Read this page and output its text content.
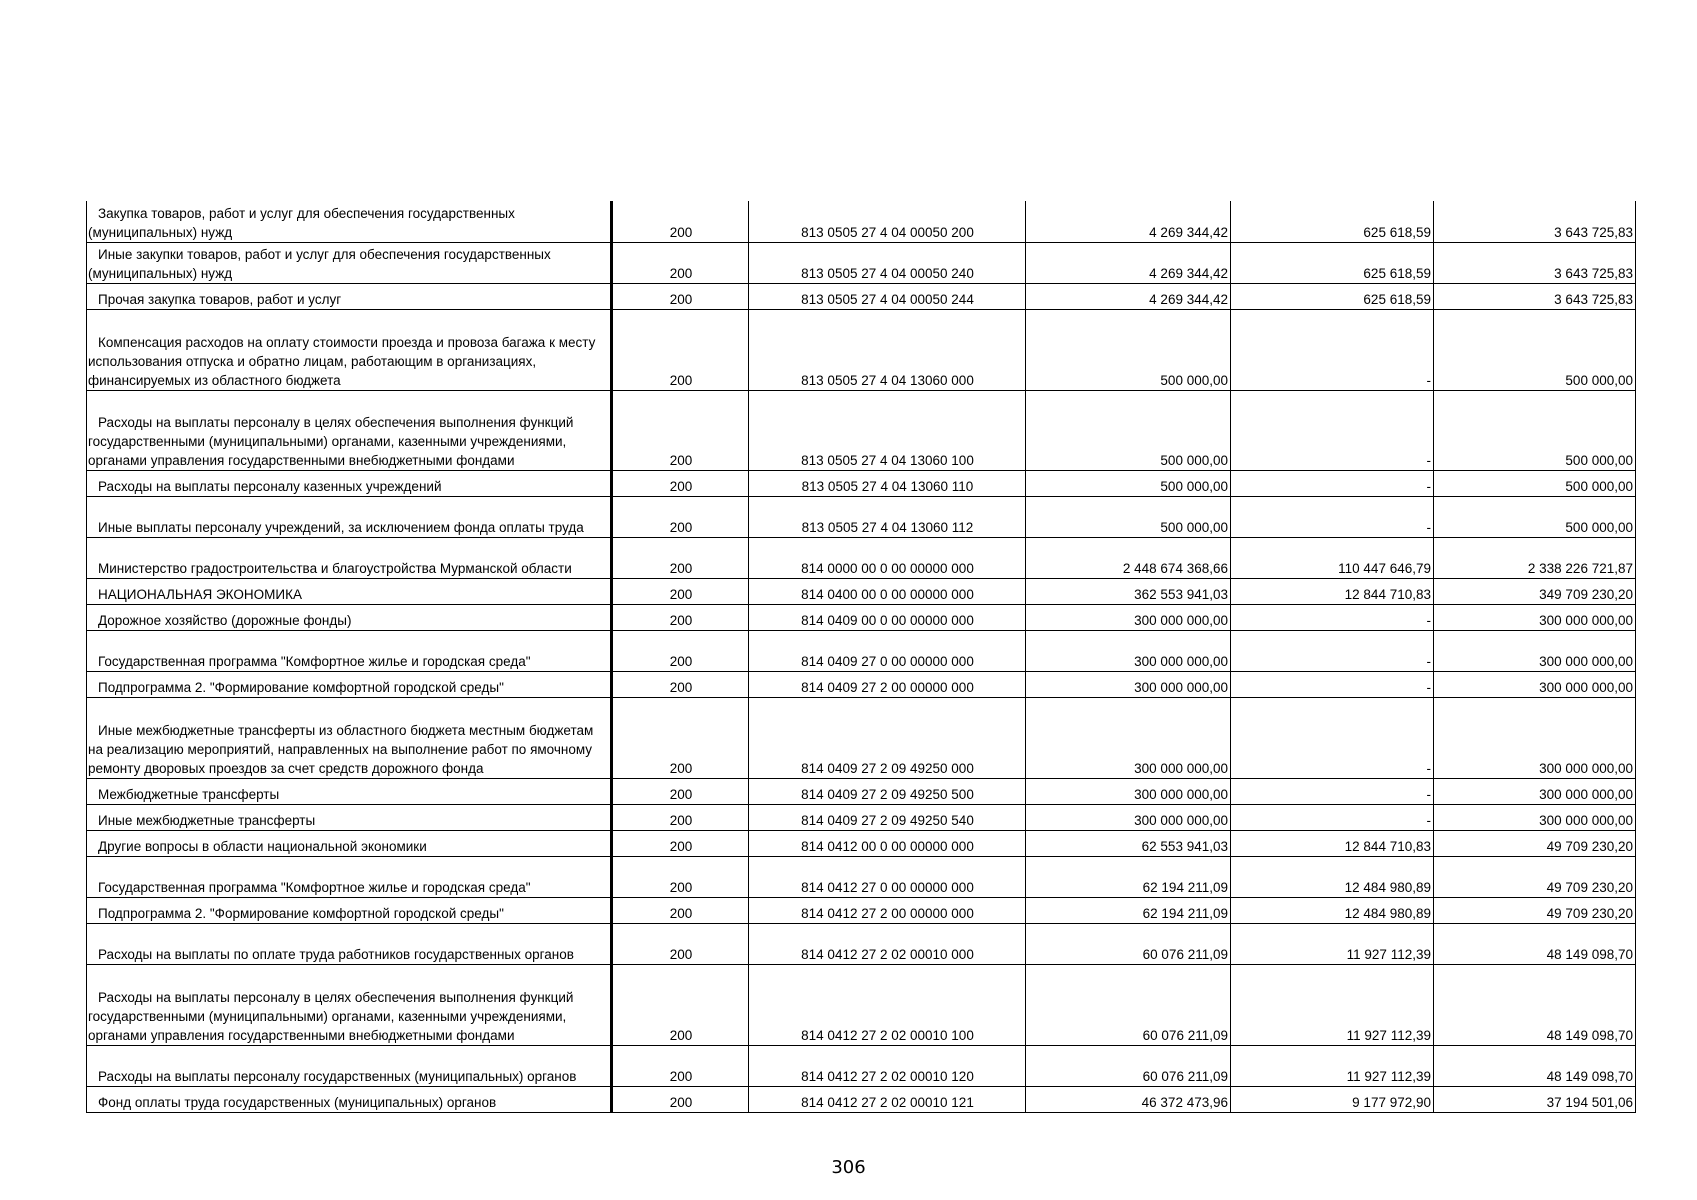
Закупка товаров, работ и услуг для обеспечения государственных (муниципальных) нужд	200	813 0505 27 4 04 00050 200	4 269 344,42	625 618,59	3 643 725,83
Иные закупки товаров, работ и услуг для обеспечения государственных (муниципальных) нужд	200	813 0505 27 4 04 00050 240	4 269 344,42	625 618,59	3 643 725,83
Прочая закупка товаров, работ и услуг	200	813 0505 27 4 04 00050 244	4 269 344,42	625 618,59	3 643 725,83
Компенсация расходов на оплату стоимости проезда и провоза багажа к месту использования отпуска и обратно лицам, работающим в организациях, финансируемых из областного бюджета	200	813 0505 27 4 04 13060 000	500 000,00	-	500 000,00
Расходы на выплаты персоналу в целях обеспечения выполнения функций государственными (муниципальными) органами, казенными учреждениями, органами управления государственными внебюджетными фондами	200	813 0505 27 4 04 13060 100	500 000,00	-	500 000,00
Расходы на выплаты персоналу казенных учреждений	200	813 0505 27 4 04 13060 110	500 000,00	-	500 000,00
Иные выплаты персоналу учреждений, за исключением фонда оплаты труда	200	813 0505 27 4 04 13060 112	500 000,00	-	500 000,00
Министерство градостроительства и благоустройства Мурманской области	200	814 0000 00 0 00 00000 000	2 448 674 368,66	110 447 646,79	2 338 226 721,87
НАЦИОНАЛЬНАЯ ЭКОНОМИКА	200	814 0400 00 0 00 00000 000	362 553 941,03	12 844 710,83	349 709 230,20
Дорожное хозяйство (дорожные фонды)	200	814 0409 00 0 00 00000 000	300 000 000,00	-	300 000 000,00
Государственная программа "Комфортное жилье и городская среда"	200	814 0409 27 0 00 00000 000	300 000 000,00	-	300 000 000,00
Подпрограмма 2. "Формирование комфортной городской среды"	200	814 0409 27 2 00 00000 000	300 000 000,00	-	300 000 000,00
Иные межбюджетные трансферты из областного бюджета местным бюджетам на реализацию мероприятий, направленных на выполнение работ по ямочному ремонту дворовых проездов за счет средств дорожного фонда	200	814 0409 27 2 09 49250 000	300 000 000,00	-	300 000 000,00
Межбюджетные трансферты	200	814 0409 27 2 09 49250 500	300 000 000,00	-	300 000 000,00
Иные межбюджетные трансферты	200	814 0409 27 2 09 49250 540	300 000 000,00	-	300 000 000,00
Другие вопросы в области национальной экономики	200	814 0412 00 0 00 00000 000	62 553 941,03	12 844 710,83	49 709 230,20
Государственная программа "Комфортное жилье и городская среда"	200	814 0412 27 0 00 00000 000	62 194 211,09	12 484 980,89	49 709 230,20
Подпрограмма 2. "Формирование комфортной городской среды"	200	814 0412 27 2 00 00000 000	62 194 211,09	12 484 980,89	49 709 230,20
Расходы на выплаты по оплате труда работников государственных органов	200	814 0412 27 2 02 00010 000	60 076 211,09	11 927 112,39	48 149 098,70
Расходы на выплаты персоналу в целях обеспечения выполнения функций государственными (муниципальными) органами, казенными учреждениями, органами управления государственными внебюджетными фондами	200	814 0412 27 2 02 00010 100	60 076 211,09	11 927 112,39	48 149 098,70
Расходы на выплаты персоналу государственных (муниципальных) органов	200	814 0412 27 2 02 00010 120	60 076 211,09	11 927 112,39	48 149 098,70
Фонд оплаты труда государственных (муниципальных) органов	200	814 0412 27 2 02 00010 121	46 372 473,96	9 177 972,90	37 194 501,06
306
